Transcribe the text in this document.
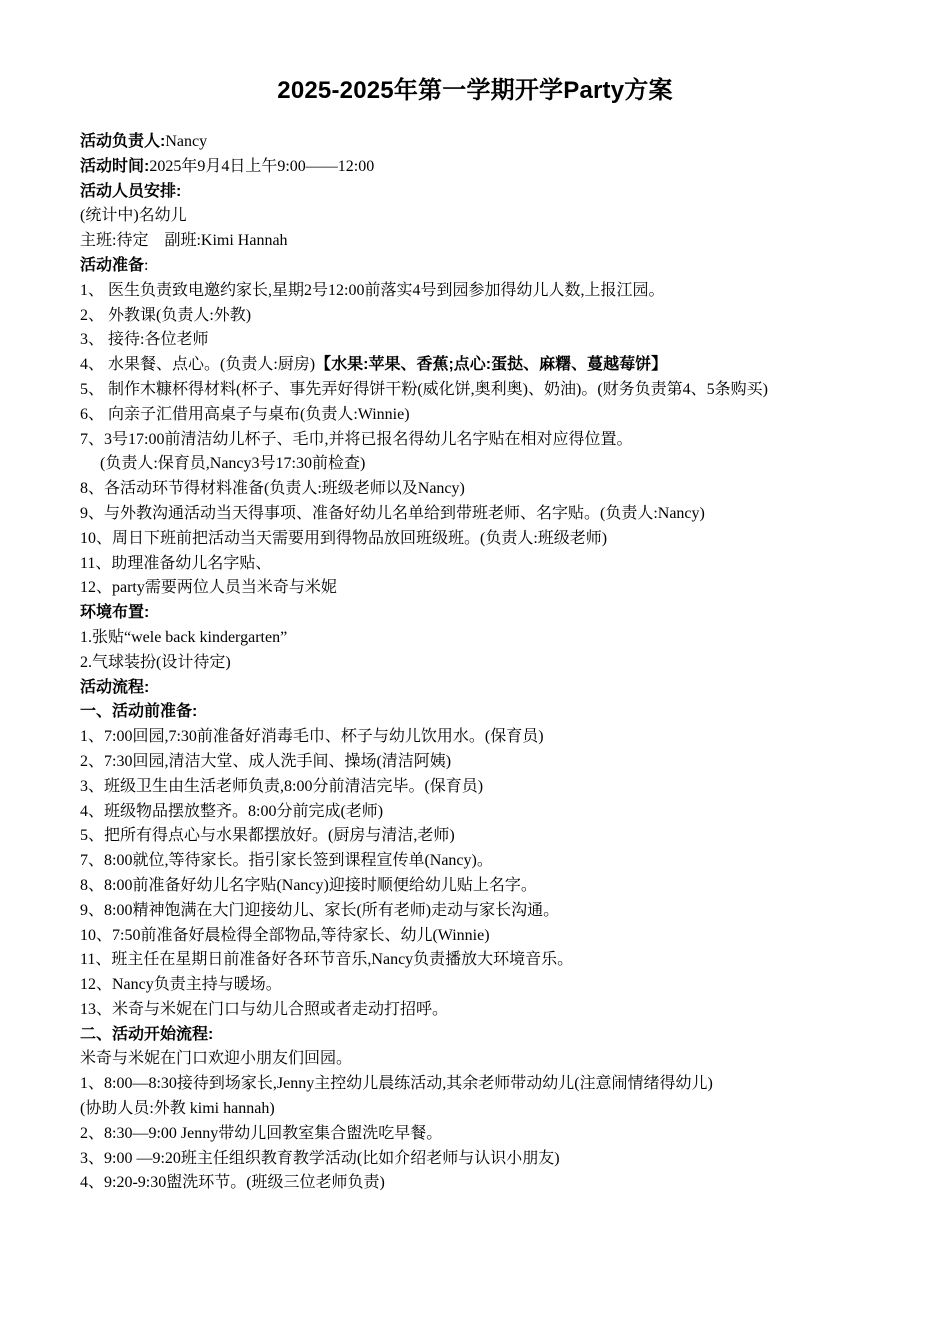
2025-2025年第一学期开学Party方案
活动负责人:Nancy
活动时间:2025年9月4日上午9:00——12:00
活动人员安排:
(统计中)名幼儿
主班:待定    副班:Kimi Hannah
活动准备:
1、 医生负责致电邀约家长,星期2号12:00前落实4号到园参加得幼儿人数,上报江园。
2、 外教课(负责人:外教)
3、 接待:各位老师
4、 水果餐、点心。(负责人:厨房)【水果:苹果、香蕉;点心:蛋挞、麻糬、蔓越莓饼】
5、 制作木糠杯得材料(杯子、事先弄好得饼干粉(威化饼,奥利奥)、奶油)。(财务负责第4、5条购买)
6、 向亲子汇借用高桌子与桌布(负责人:Winnie)
7、3号17:00前清洁幼儿杯子、毛巾,并将已报名得幼儿名字贴在相对应得位置。
(负责人:保育员,Nancy3号17:30前检查)
8、各活动环节得材料准备(负责人:班级老师以及Nancy)
9、与外教沟通活动当天得事项、准备好幼儿名单给到带班老师、名字贴。(负责人:Nancy)
10、周日下班前把活动当天需要用到得物品放回班级班。(负责人:班级老师)
11、助理准备幼儿名字贴、
12、party需要两位人员当米奇与米妮
环境布置:
1.张贴“wele back kindergarten”
2.气球装扮(设计待定)
活动流程:
一、活动前准备:
1、7:00回园,7:30前准备好消毒毛巾、杯子与幼儿饮用水。(保育员)
2、7:30回园,清洁大堂、成人洗手间、操场(清洁阿姨)
3、班级卫生由生活老师负责,8:00分前清洁完毕。(保育员)
4、班级物品摆放整齐。8:00分前完成(老师)
5、把所有得点心与水果都摆放好。(厨房与清洁,老师)
7、8:00就位,等待家长。指引家长签到课程宣传单(Nancy)。
8、8:00前准备好幼儿名字贴(Nancy)迎接时顺便给幼儿贴上名字。
9、8:00精神饱满在大门迎接幼儿、家长(所有老师)走动与家长沟通。
10、7:50前准备好晨检得全部物品,等待家长、幼儿(Winnie)
11、班主任在星期日前准备好各环节音乐,Nancy负责播放大环境音乐。
12、Nancy负责主持与暖场。
13、米奇与米妮在门口与幼儿合照或者走动打招呼。
二、活动开始流程:
米奇与米妮在门口欢迎小朋友们回园。
1、8:00—8:30接待到场家长,Jenny主控幼儿晨练活动,其余老师带动幼儿(注意闹情绪得幼儿)
(协助人员:外教 kimi hannah)
2、8:30—9:00 Jenny带幼儿回教室集合盥洗吃早餐。
3、9:00 —9:20班主任组织教育教学活动(比如介绍老师与认识小朋友)
4、9:20-9:30盥洗环节。(班级三位老师负责)
